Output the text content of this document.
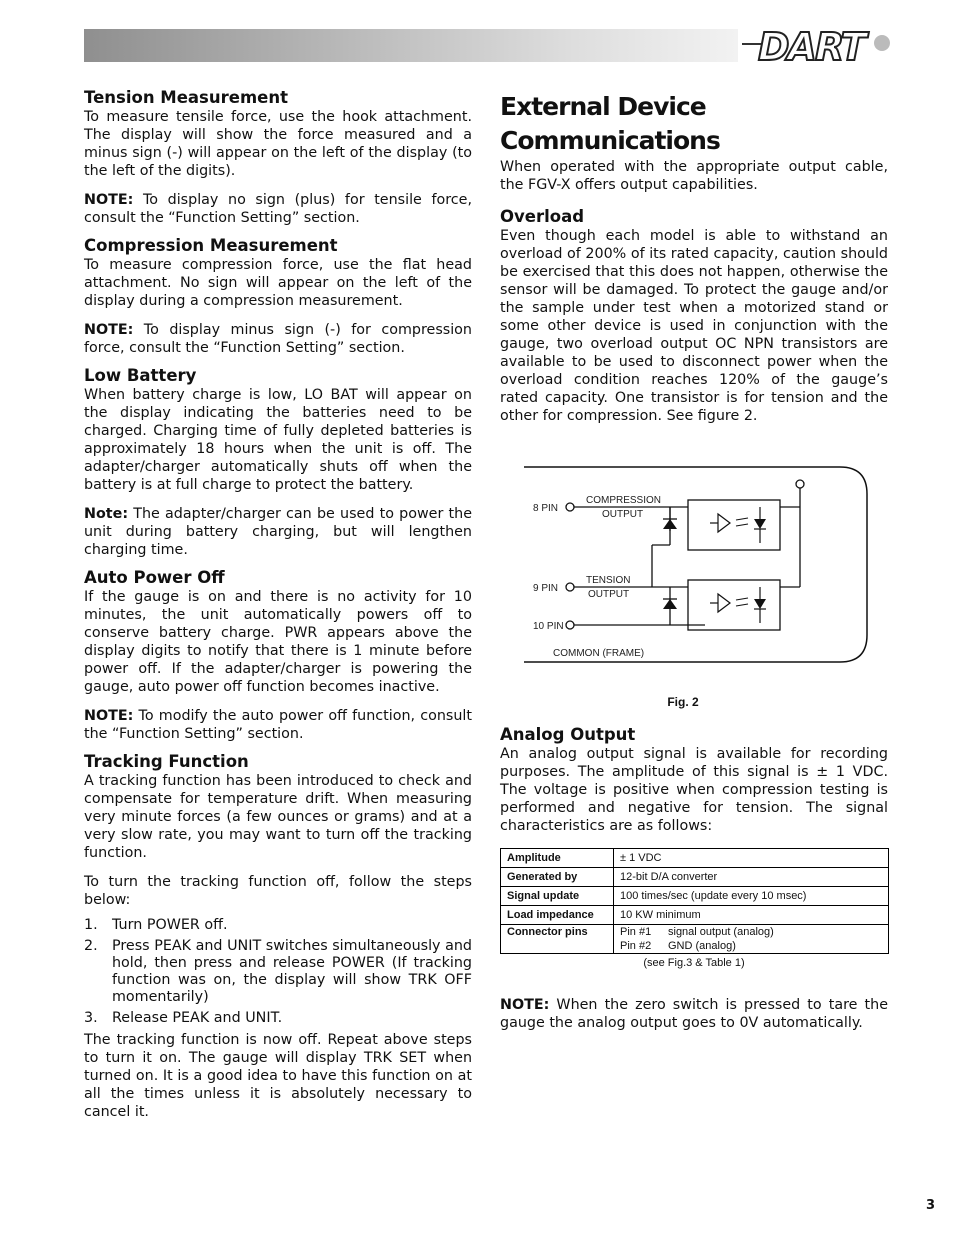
DART
Tension Measurement

To measure tensile force, use the hook attachment. The display will show the force measured and a minus sign (-) will appear on the left of the display (to the left of the digits).

NOTE: To display no sign (plus) for tensile force, consult the “Function Setting” section.

Compression Measurement

To measure compression force, use the flat head attachment. No sign will appear on the left of the display during a compression measurement.

NOTE: To display minus sign (-) for compression force, consult the “Function Setting” section.

Low Battery

When battery charge is low, LO BAT will appear on the display indicating the batteries need to be charged. Charging time of fully depleted batteries is approximately 18 hours when the unit is off. The adapter/charger automatically shuts off when the battery is at full charge to protect the battery.

Note: The adapter/charger can be used to power the unit during battery charging, but will lengthen charging time.

Auto Power Off

If the gauge is on and there is no activity for 10 minutes, the unit automatically powers off to conserve battery charge. PWR appears above the display digits to notify that there is 1 minute before power off. If the adapter/charger is powering the gauge, auto power off function becomes inactive.

NOTE: To modify the auto power off function, consult the “Function Setting” section.

Tracking Function

A tracking function has been introduced to check and compensate for temperature drift. When measuring very minute forces (a few ounces or grams) and at a very slow rate, you may want to turn off the tracking function.

To turn the tracking function off, follow the steps below:

1.	Turn POWER off.
2.	Press PEAK and UNIT switches simultaneously and hold, then press and release POWER (If tracking function was on, the display will show TRK OFF momentarily)
3.	Release PEAK and UNIT.

The tracking function is now off. Repeat above steps to turn it on. The gauge will display TRK SET when turned on. It is a good idea to have this function on at all the times unless it is absolutely necessary to cancel it.

External Device Communications

When operated with the appropriate output cable, the FGV-X offers output capabilities.

Overload

Even though each model is able to withstand an overload of 200% of its rated capacity, caution should be exercised that this does not happen, otherwise the sensor will be damaged. To protect the gauge and/or the sample under test when a motorized stand or some other device is used in conjunction with the gauge, two overload output OC NPN transistors are available to be used to disconnect power when the overload condition reaches 120% of the gauge’s rated capacity. One transistor is for tension and the other for compression. See figure 2.

8 PIN
COMPRESSION
OUTPUT
9 PIN
TENSION
OUTPUT
10 PIN
COMMON (FRAME)
Fig. 2
Analog Output

An analog output signal is available for recording purposes. The amplitude of this signal is ± 1 VDC. The voltage is positive when compression testing is performed and negative for tension. The signal characteristics are as follows:

Amplitude	± 1 VDC
Generated by	12-bit D/A converter
Signal update	100 times/sec (update every 10 msec)
Load impedance	10 KW minimum
Connector pins	Pin #1 signal output (analog)
Pin #2 GND (analog)
(see Fig.3 & Table 1)

NOTE: When the zero switch is pressed to tare the gauge the analog output goes to 0V automatically.

3
